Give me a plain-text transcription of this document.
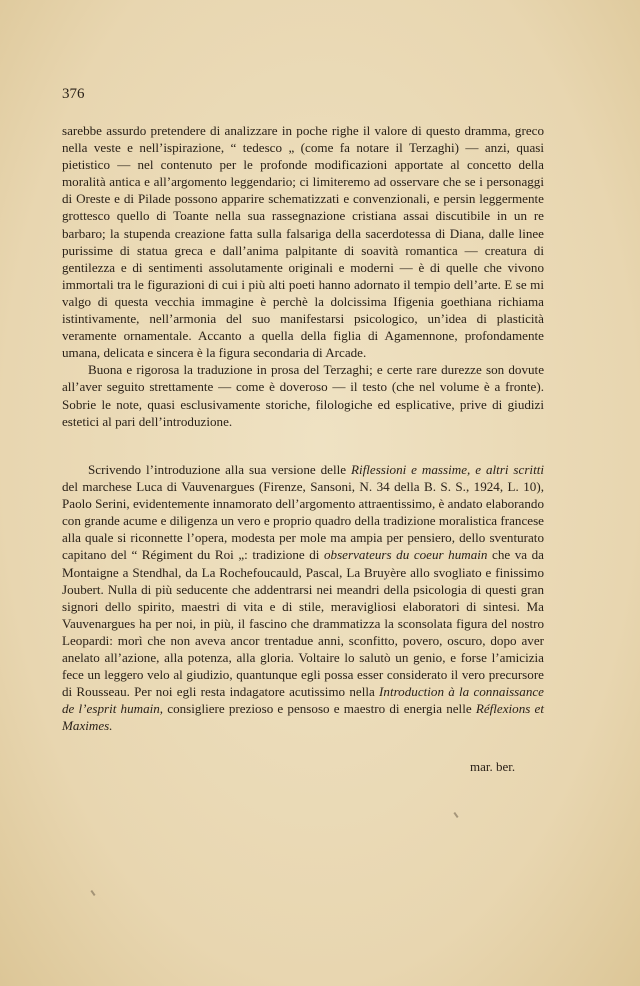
376

sarebbe assurdo pretendere di analizzare in poche righe il valore di questo dramma, greco nella veste e nell’ispirazione, “ tedesco „ (come fa notare il Terzaghi) — anzi, quasi pietistico — nel contenuto per le profonde modificazioni apportate al concetto della moralità antica e all’argomento leggendario; ci limiteremo ad osservare che se i personaggi di Oreste e di Pilade possono apparire schematizzati e convenzionali, e persin leggermente grottesco quello di Toante nella sua rassegnazione cristiana assai discutibile in un re barbaro; la stupenda creazione fatta sulla falsariga della sacerdotessa di Diana, dalle linee purissime di statua greca e dall’anima palpitante di soavità romantica — creatura di gentilezza e di sentimenti assolutamente originali e moderni — è di quelle che vivono immortali tra le figurazioni di cui i più alti poeti hanno adornato il tempio dell’arte. E se mi valgo di questa vecchia immagine è perchè la dolcissima Ifigenia goethiana richiama istintivamente, nell’armonia del suo manifestarsi psicologico, un’idea di plasticità veramente ornamentale. Accanto a quella della figlia di Agamennone, profondamente umana, delicata e sincera è la figura secondaria di Arcade.

Buona e rigorosa la traduzione in prosa del Terzaghi; e certe rare durezze son dovute all’aver seguito strettamente — come è doveroso — il testo (che nel volume è a fronte). Sobrie le note, quasi esclusivamente storiche, filologiche ed esplicative, prive di giudizi estetici al pari dell’introduzione.

Scrivendo l’introduzione alla sua versione delle Riflessioni e massime, e altri scritti del marchese Luca di Vauvenargues (Firenze, Sansoni, N. 34 della B. S. S., 1924, L. 10), Paolo Serini, evidentemente innamorato dell’argomento attraentissimo, è andato elaborando con grande acume e diligenza un vero e proprio quadro della tradizione moralistica francese alla quale si riconnette l’opera, modesta per mole ma ampia per pensiero, dello sventurato capitano del “ Régiment du Roi „: tradizione di observateurs du coeur humain che va da Montaigne a Stendhal, da La Rochefoucauld, Pascal, La Bruyère allo svogliato e finissimo Joubert. Nulla di più seducente che addentrarsi nei meandri della psicologia di questi gran signori dello spirito, maestri di vita e di stile, meravigliosi elaboratori di sintesi. Ma Vauvenargues ha per noi, in più, il fascino che drammatizza la sconsolata figura del nostro Leopardi: morì che non aveva ancor trentadue anni, sconfitto, povero, oscuro, dopo aver anelato all’azione, alla potenza, alla gloria. Voltaire lo salutò un genio, e forse l’amicizia fece un leggero velo al giudizio, quantunque egli possa esser considerato il vero precursore di Rousseau. Per noi egli resta indagatore acutissimo nella Introduction à la connaissance de l’esprit humain, consigliere prezioso e pensoso e maestro di energia nelle Réflexions et Maximes.

mar. ber.
